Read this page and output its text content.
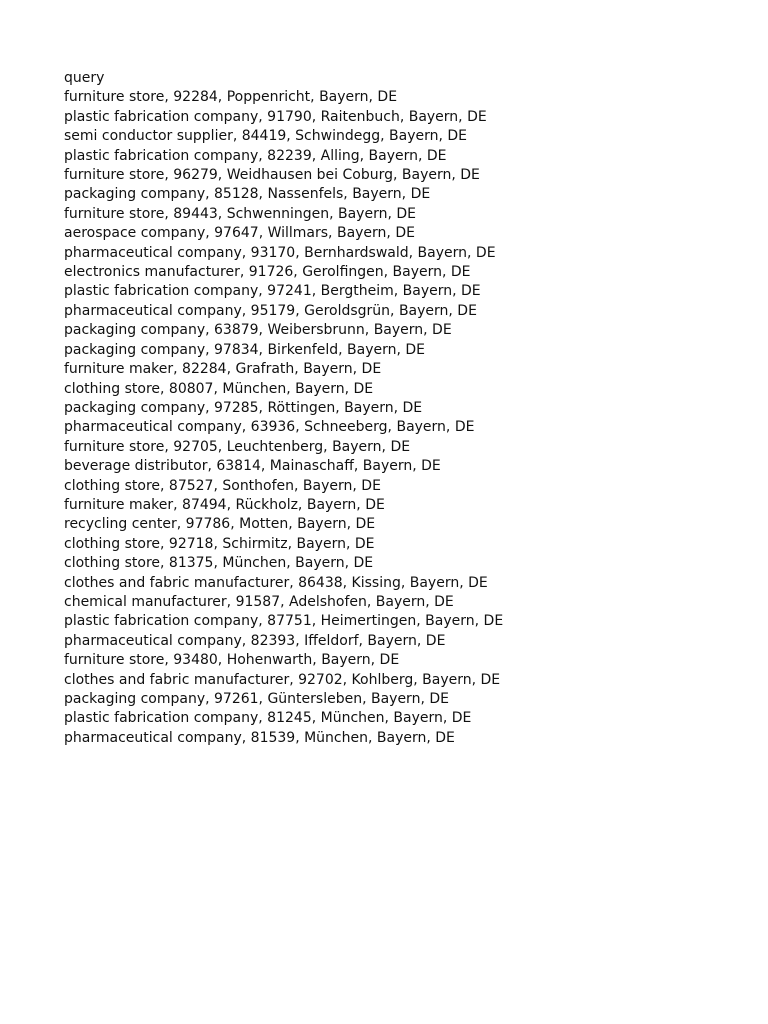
query
furniture store, 92284, Poppenricht, Bayern, DE
plastic fabrication company, 91790, Raitenbuch, Bayern, DE
semi conductor supplier, 84419, Schwindegg, Bayern, DE
plastic fabrication company, 82239, Alling, Bayern, DE
furniture store, 96279, Weidhausen bei Coburg, Bayern, DE
packaging company, 85128, Nassenfels, Bayern, DE
furniture store, 89443, Schwenningen, Bayern, DE
aerospace company, 97647, Willmars, Bayern, DE
pharmaceutical company, 93170, Bernhardswald, Bayern, DE
electronics manufacturer, 91726, Gerolfingen, Bayern, DE
plastic fabrication company, 97241, Bergtheim, Bayern, DE
pharmaceutical company, 95179, Geroldsgrün, Bayern, DE
packaging company, 63879, Weibersbrunn, Bayern, DE
packaging company, 97834, Birkenfeld, Bayern, DE
furniture maker, 82284, Grafrath, Bayern, DE
clothing store, 80807, München, Bayern, DE
packaging company, 97285, Röttingen, Bayern, DE
pharmaceutical company, 63936, Schneeberg, Bayern, DE
furniture store, 92705, Leuchtenberg, Bayern, DE
beverage distributor, 63814, Mainaschaff, Bayern, DE
clothing store, 87527, Sonthofen, Bayern, DE
furniture maker, 87494, Rückholz, Bayern, DE
recycling center, 97786, Motten, Bayern, DE
clothing store, 92718, Schirmitz, Bayern, DE
clothing store, 81375, München, Bayern, DE
clothes and fabric manufacturer, 86438, Kissing, Bayern, DE
chemical manufacturer, 91587, Adelshofen, Bayern, DE
plastic fabrication company, 87751, Heimertingen, Bayern, DE
pharmaceutical company, 82393, Iffeldorf, Bayern, DE
furniture store, 93480, Hohenwarth, Bayern, DE
clothes and fabric manufacturer, 92702, Kohlberg, Bayern, DE
packaging company, 97261, Güntersleben, Bayern, DE
plastic fabrication company, 81245, München, Bayern, DE
pharmaceutical company, 81539, München, Bayern, DE
